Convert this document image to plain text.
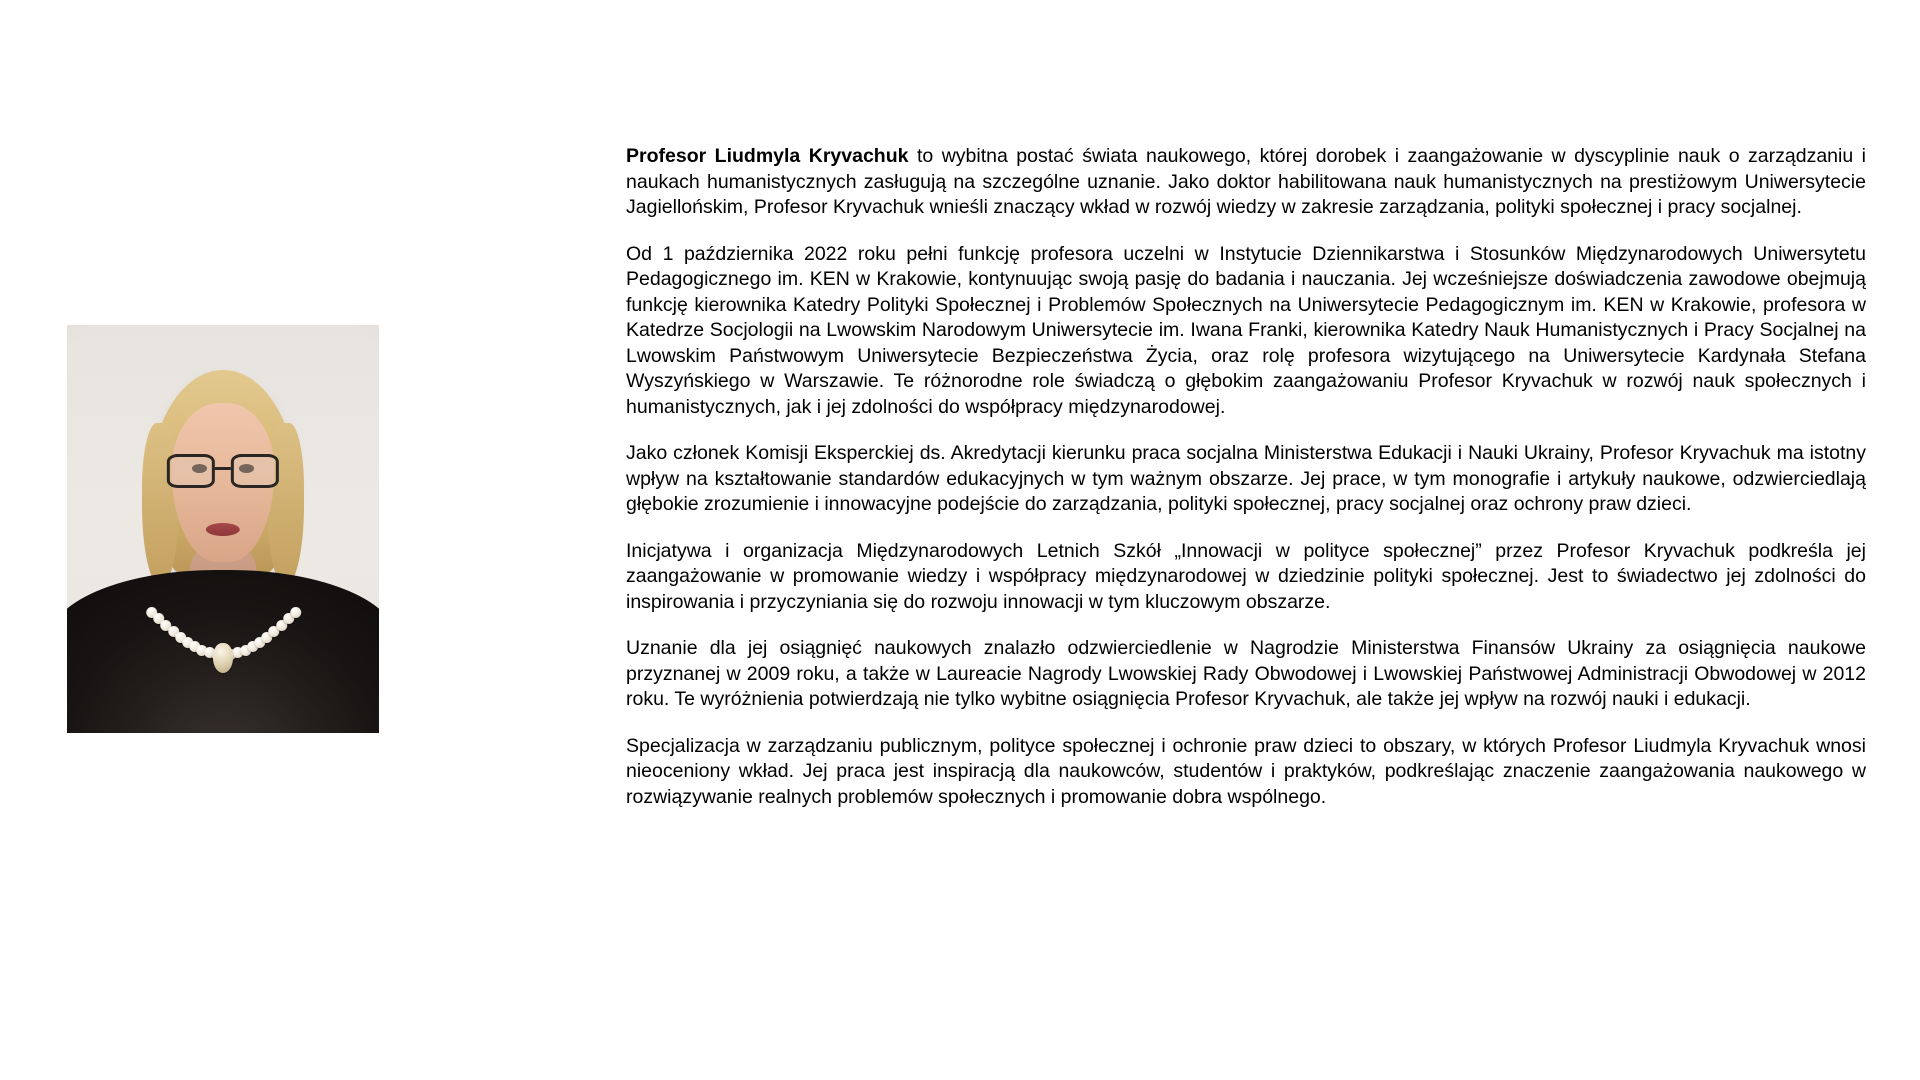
Profesor Liudmyla Kryvachuk to wybitna postać świata naukowego, której dorobek i zaangażowanie w dyscyplinie nauk o zarządzaniu i naukach humanistycznych zasługują na szczególne uznanie. Jako doktor habilitowana nauk humanistycznych na prestiżowym Uniwersytecie Jagiellońskim, Profesor Kryvachuk wnieśli znaczący wkład w rozwój wiedzy w zakresie zarządzania, polityki społecznej i pracy socjalnej.

Od 1 października 2022 roku pełni funkcję profesora uczelni w Instytucie Dziennikarstwa i Stosunków Międzynarodowych Uniwersytetu Pedagogicznego im. KEN w Krakowie, kontynuując swoją pasję do badania i nauczania. Jej wcześniejsze doświadczenia zawodowe obejmują funkcję kierownika Katedry Polityki Społecznej i Problemów Społecznych na Uniwersytecie Pedagogicznym im. KEN w Krakowie, profesora w Katedrze Socjologii na Lwowskim Narodowym Uniwersytecie im. Iwana Franki, kierownika Katedry Nauk Humanistycznych i Pracy Socjalnej na Lwowskim Państwowym Uniwersytecie Bezpieczeństwa Życia, oraz rolę profesora wizytującego na Uniwersytecie Kardynała Stefana Wyszyńskiego w Warszawie. Te różnorodne role świadczą o głębokim zaangażowaniu Profesor Kryvachuk w rozwój nauk społecznych i humanistycznych, jak i jej zdolności do współpracy międzynarodowej.

Jako członek Komisji Eksperckiej ds. Akredytacji kierunku praca socjalna Ministerstwa Edukacji i Nauki Ukrainy, Profesor Kryvachuk ma istotny wpływ na kształtowanie standardów edukacyjnych w tym ważnym obszarze. Jej prace, w tym monografie i artykuły naukowe, odzwierciedlają głębokie zrozumienie i innowacyjne podejście do zarządzania, polityki społecznej, pracy socjalnej oraz ochrony praw dzieci.

Inicjatywa i organizacja Międzynarodowych Letnich Szkół „Innowacji w polityce społecznej” przez Profesor Kryvachuk podkreśla jej zaangażowanie w promowanie wiedzy i współpracy międzynarodowej w dziedzinie polityki społecznej. Jest to świadectwo jej zdolności do inspirowania i przyczyniania się do rozwoju innowacji w tym kluczowym obszarze.

Uznanie dla jej osiągnięć naukowych znalazło odzwierciedlenie w Nagrodzie Ministerstwa Finansów Ukrainy za osiągnięcia naukowe przyznanej w 2009 roku, a także w Laureacie Nagrody Lwowskiej Rady Obwodowej i Lwowskiej Państwowej Administracji Obwodowej w 2012 roku. Te wyróżnienia potwierdzają nie tylko wybitne osiągnięcia Profesor Kryvachuk, ale także jej wpływ na rozwój nauki i edukacji.

Specjalizacja w zarządzaniu publicznym, polityce społecznej i ochronie praw dzieci to obszary, w których Profesor Liudmyla Kryvachuk wnosi nieoceniony wkład. Jej praca jest inspiracją dla naukowców, studentów i praktyków, podkreślając znaczenie zaangażowania naukowego w rozwiązywanie realnych problemów społecznych i promowanie dobra wspólnego.
